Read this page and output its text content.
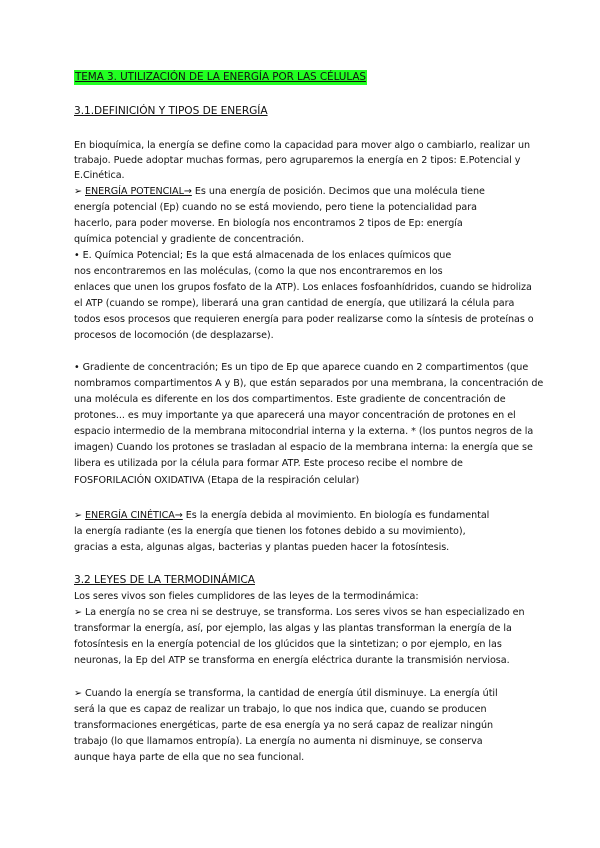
TEMA 3. UTILIZACIÓN DE LA ENERGÍA POR LAS CÉLULAS
3.1.DEFINICIÓN Y TIPOS DE ENERGÍA
En bioquímica, la energía se define como la capacidad para mover algo o cambiarlo, realizar un
trabajo. Puede adoptar muchas formas, pero agruparemos la energía en 2 tipos: E.Potencial y
E.Cinética.
➢ ENERGÍA POTENCIAL→ Es una energía de posición. Decimos que una molécula tiene
energía potencial (Ep) cuando no se está moviendo, pero tiene la potencialidad para
hacerlo, para poder moverse. En biología nos encontramos 2 tipos de Ep: energía
química potencial y gradiente de concentración.
• E. Química Potencial; Es la que está almacenada de los enlaces químicos que
nos encontraremos en las moléculas, (como la que nos encontraremos en los
enlaces que unen los grupos fosfato de la ATP). Los enlaces fosfoanhídridos, cuando se hidroliza
el ATP (cuando se rompe), liberará una gran cantidad de energía, que utilizará la célula para
todos esos procesos que requieren energía para poder realizarse como la síntesis de proteínas o
procesos de locomoción (de desplazarse).
• Gradiente de concentración; Es un tipo de Ep que aparece cuando en 2 compartimentos (que
nombramos compartimentos A y B), que están separados por una membrana, la concentración de
una molécula es diferente en los dos compartimentos. Este gradiente de concentración de
protones... es muy importante ya que aparecerá una mayor concentración de protones en el
espacio intermedio de la membrana mitocondrial interna y la externa. * (los puntos negros de la
imagen) Cuando los protones se trasladan al espacio de la membrana interna: la energía que se
libera es utilizada por la célula para formar ATP. Este proceso recibe el nombre de
FOSFORILACIÓN OXIDATIVA (Etapa de la respiración celular)
➢ ENERGÍA CINÉTICA→ Es la energía debida al movimiento. En biología es fundamental
la energía radiante (es la energía que tienen los fotones debido a su movimiento),
gracias a esta, algunas algas, bacterias y plantas pueden hacer la fotosíntesis.
3.2 LEYES DE LA TERMODINÁMICA
Los seres vivos son fieles cumplidores de las leyes de la termodinámica:
➢ La energía no se crea ni se destruye, se transforma. Los seres vivos se han especializado en
transformar la energía, así, por ejemplo, las algas y las plantas transforman la energía de la
fotosíntesis en la energía potencial de los glúcidos que la sintetizan; o por ejemplo, en las
neuronas, la Ep del ATP se transforma en energía eléctrica durante la transmisión nerviosa.
➢ Cuando la energía se transforma, la cantidad de energía útil disminuye. La energía útil
será la que es capaz de realizar un trabajo, lo que nos indica que, cuando se producen
transformaciones energéticas, parte de esa energía ya no será capaz de realizar ningún
trabajo (lo que llamamos entropía). La energía no aumenta ni disminuye, se conserva
aunque haya parte de ella que no sea funcional.
